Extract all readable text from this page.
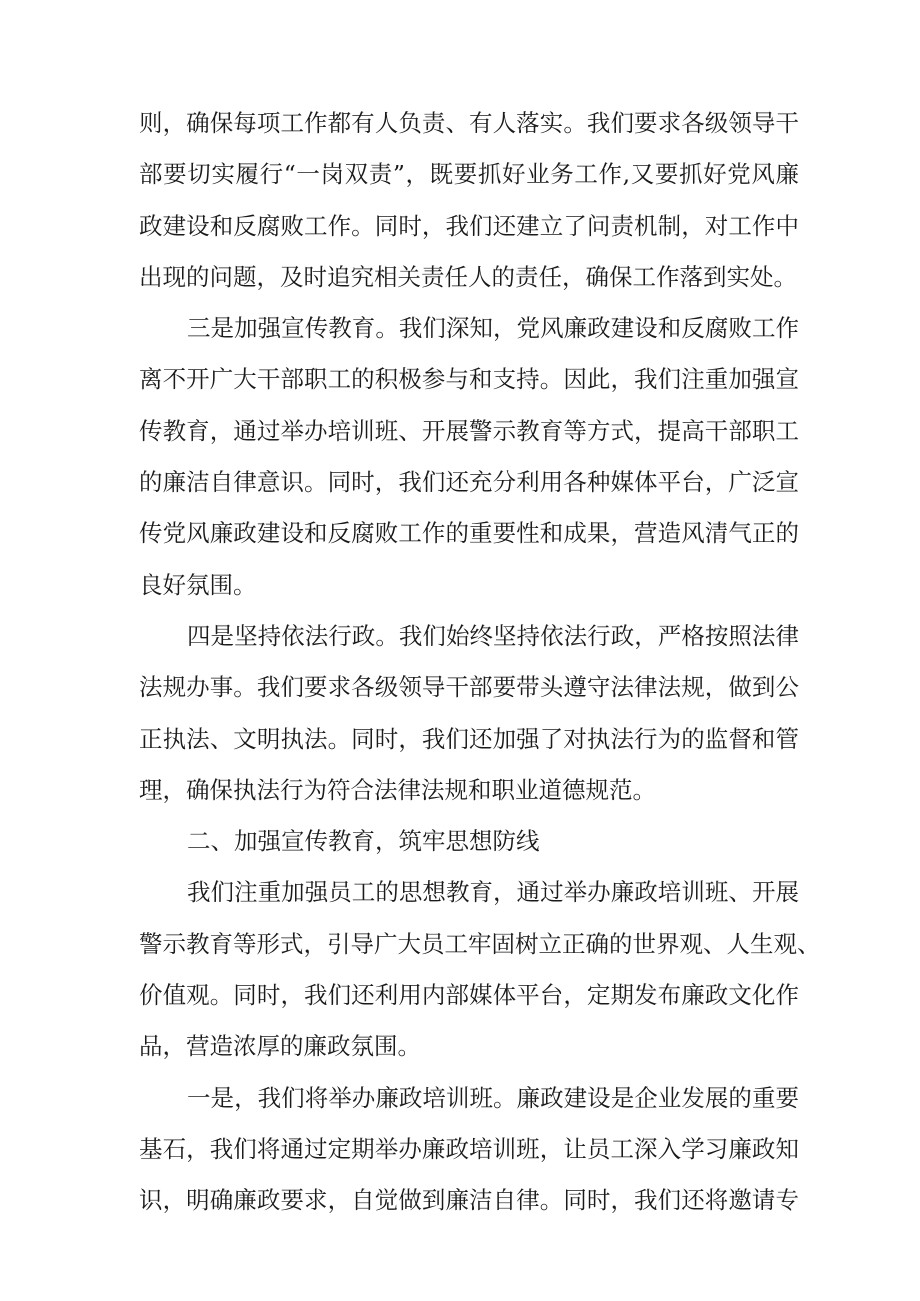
则，确保每项工作都有人负责、有人落实。我们要求各级领导干
部要切实履行“一岗双责”，既要抓好业务工作,又要抓好党风廉
政建设和反腐败工作。同时，我们还建立了问责机制，对工作中
出现的问题，及时追究相关责任人的责任，确保工作落到实处。
三是加强宣传教育。我们深知，党风廉政建设和反腐败工作
离不开广大干部职工的积极参与和支持。因此，我们注重加强宣
传教育，通过举办培训班、开展警示教育等方式，提高干部职工
的廉洁自律意识。同时，我们还充分利用各种媒体平台，广泛宣
传党风廉政建设和反腐败工作的重要性和成果，营造风清气正的
良好氛围。
四是坚持依法行政。我们始终坚持依法行政，严格按照法律
法规办事。我们要求各级领导干部要带头遵守法律法规，做到公
正执法、文明执法。同时，我们还加强了对执法行为的监督和管
理，确保执法行为符合法律法规和职业道德规范。
二、加强宣传教育，筑牢思想防线
我们注重加强员工的思想教育，通过举办廉政培训班、开展
警示教育等形式，引导广大员工牢固树立正确的世界观、人生观、
价值观。同时，我们还利用内部媒体平台，定期发布廉政文化作
品，营造浓厚的廉政氛围。
一是，我们将举办廉政培训班。廉政建设是企业发展的重要
基石，我们将通过定期举办廉政培训班，让员工深入学习廉政知
识，明确廉政要求，自觉做到廉洁自律。同时，我们还将邀请专
